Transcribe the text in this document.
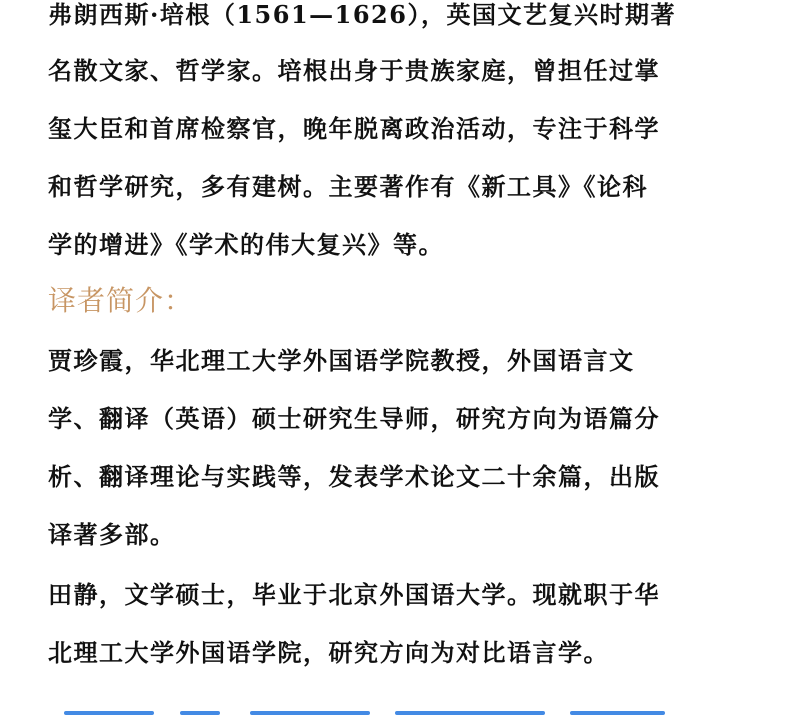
弗朗西斯·培根（1561—1626），英国文艺复兴时期著
名散文家、哲学家。培根出身于贵族家庭，曾担任过掌
玺大臣和首席检察官，晚年脱离政治活动，专注于科学
和哲学研究，多有建树。主要著作有《新工具》《论科
学的增进》《学术的伟大复兴》等。
译者简介：
贾珍霞，华北理工大学外国语学院教授，外国语言文
学、翻译（英语）硕士研究生导师，研究方向为语篇分
析、翻译理论与实践等，发表学术论文二十余篇，出版
译著多部。
田静，文学硕士，毕业于北京外国语大学。现就职于华
北理工大学外国语学院，研究方向为对比语言学。
